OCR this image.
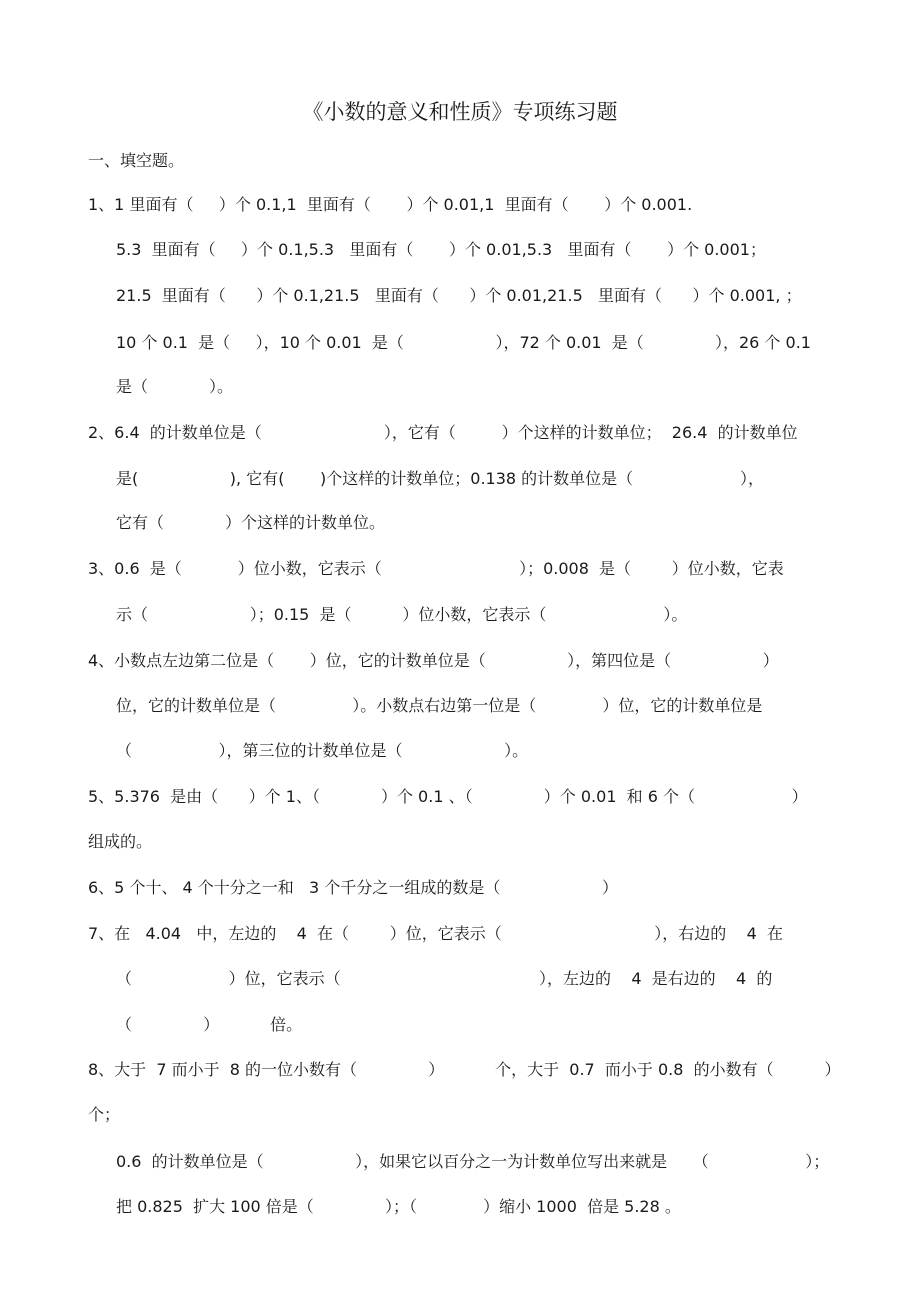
《小数的意义和性质》专项练习题
一、填空题。
1、1 里面有（     ）个 0.1,1  里面有（       ）个 0.01,1  里面有（       ）个 0.001.
5.3  里面有（     ）个 0.1,5.3   里面有（       ）个 0.01,5.3   里面有（       ）个 0.001；
21.5  里面有（      ）个 0.1,21.5   里面有（      ）个 0.01,21.5   里面有（      ）个 0.001, ；
10 个 0.1  是（     ），10 个 0.01  是（                  ），72 个 0.01  是（              ），26 个 0.1
是（            ）。
2、6.4  的计数单位是（                        ），它有（         ）个这样的计数单位；  26.4  的计数单位
是(                  ), 它有(       )个这样的计数单位；0.138 的计数单位是（                     ），
它有（            ）个这样的计数单位。
3、0.6  是（           ）位小数，它表示（                           ）；0.008  是（        ）位小数，它表
示（                    ）；0.15  是（          ）位小数，它表示（                       ）。
4、小数点左边第二位是（       ）位，它的计数单位是（                ），第四位是（                  ）
位，它的计数单位是（               ）。小数点右边第一位是（             ）位，它的计数单位是
（                 ），第三位的计数单位是（                    ）。
5、5.376  是由（      ）个 1、（            ）个 0.1 、（              ）个 0.01  和 6 个（                   ）
组成的。
6、5 个十、 4 个十分之一和   3 个千分之一组成的数是（                    ）
7、在   4.04   中，左边的    4  在（        ）位，它表示（                              ），右边的    4  在
（                   ）位，它表示（                                       ），左边的    4  是右边的    4  的
（              ）          倍。
8、大于  7 而小于  8 的一位小数有（              ）          个，大于  0.7  而小于 0.8  的小数有（          ）
个；
0.6  的计数单位是（                  ），如果它以百分之一为计数单位写出来就是     （                   ）；
把 0.825  扩大 100 倍是（              ）；（             ）缩小 1000  倍是 5.28 。
